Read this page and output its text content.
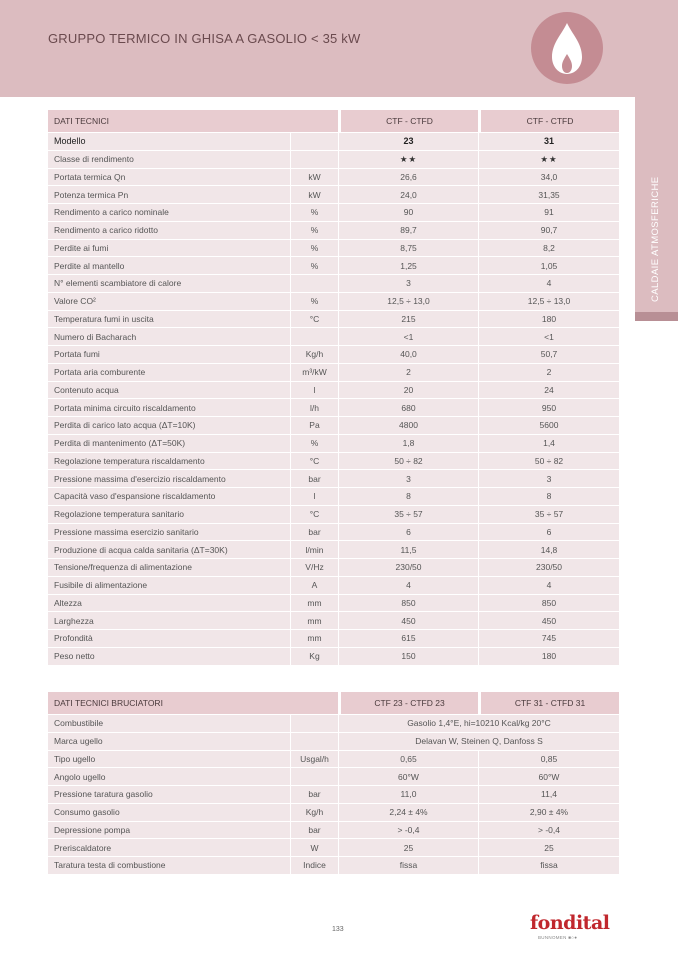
GRUPPO TERMICO IN GHISA A GASOLIO < 35 kW
CALDAIE ATMOSFERICHE
DATI TECNICI		CTF - CTFD	CTF - CTFD
Modello		23	31
Classe di rendimento		★★	★★
Portata termica Qn	kW	26,6	34,0
Potenza termica Pn	kW	24,0	31,35
Rendimento a carico nominale	%	90	91
Rendimento a carico ridotto	%	89,7	90,7
Perdite ai fumi	%	8,75	8,2
Perdite al mantello	%	1,25	1,05
N° elementi scambiatore di calore		3	4
Valore CO²	%	12,5 ÷ 13,0	12,5 ÷ 13,0
Temperatura fumi in uscita	°C	215	180
Numero di Bacharach		<1	<1
Portata fumi	Kg/h	40,0	50,7
Portata aria comburente	m³/kW	2	2
Contenuto acqua	l	20	24
Portata minima circuito riscaldamento	l/h	680	950
Perdita di carico lato acqua (ΔT=10K)	Pa	4800	5600
Perdita di mantenimento (ΔT=50K)	%	1,8	1,4
Regolazione temperatura riscaldamento	°C	50 ÷ 82	50 ÷ 82
Pressione massima d'esercizio riscaldamento	bar	3	3
Capacità vaso d'espansione riscaldamento	l	8	8
Regolazione temperatura sanitario	°C	35 ÷ 57	35 ÷ 57
Pressione massima esercizio sanitario	bar	6	6
Produzione di acqua calda sanitaria (ΔT=30K)	l/min	11,5	14,8
Tensione/frequenza di alimentazione	V/Hz	230/50	230/50
Fusibile di alimentazione	A	4	4
Altezza	mm	850	850
Larghezza	mm	450	450
Profondità	mm	615	745
Peso netto	Kg	150	180
DATI TECNICI BRUCIATORI		CTF 23 - CTFD 23	CTF 31 - CTFD 31
Combustibile		Gasolio 1,4°E, hi=10210 Kcal/kg 20°C	
Marca ugello		Delavan W, Steinen Q, Danfoss S	
Tipo ugello	Usgal/h	0,65	0,85
Angolo ugello		60°W	60°W
Pressione taratura gasolio	bar	11,0	11,4
Consumo gasolio	Kg/h	2,24 ± 4%	2,90 ± 4%
Depressione pompa	bar	> -0,4	> -0,4
Preriscaldatore	W	25	25
Taratura testa di combustione	Indice	fissa	fissa
133	fondital
BUNNOMEN ■○●
